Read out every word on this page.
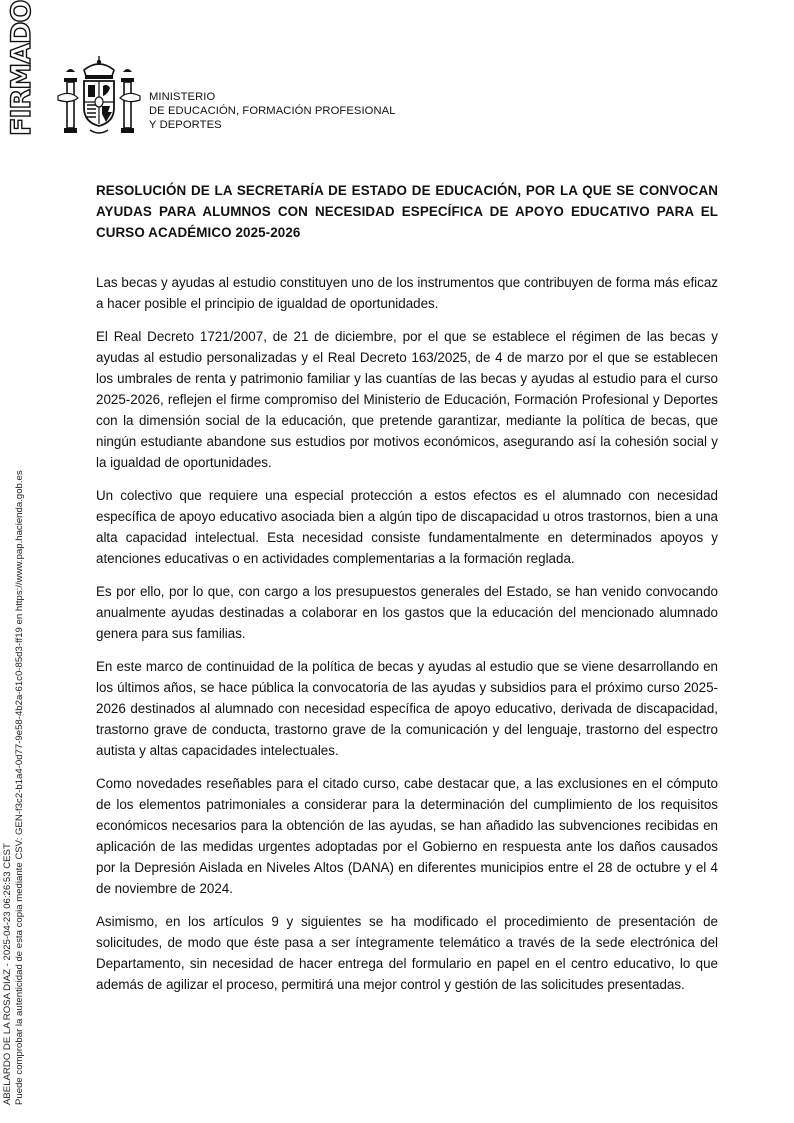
FIRMADO
ABELARDO DE LA ROSA DIAZ - 2025-04-23 06:26:53 CEST Puede comprobar la autenticidad de esta copia mediante CSV: GEN-f3c2-b1a4-0d77-9e58-4b2a-61c0-85d3-ff19 en https://www.pap.hacienda.gob.es
MINISTERIO
DE EDUCACIÓN, FORMACIÓN PROFESIONAL
Y DEPORTES
RESOLUCIÓN DE LA SECRETARÍA DE ESTADO DE EDUCACIÓN, POR LA QUE SE CONVOCAN AYUDAS PARA ALUMNOS CON NECESIDAD ESPECÍFICA DE APOYO EDUCATIVO PARA EL CURSO ACADÉMICO 2025-2026

Las becas y ayudas al estudio constituyen uno de los instrumentos que contribuyen de forma más eficaz a hacer posible el principio de igualdad de oportunidades.

El Real Decreto 1721/2007, de 21 de diciembre, por el que se establece el régimen de las becas y ayudas al estudio personalizadas y el Real Decreto 163/2025, de 4 de marzo por el que se establecen los umbrales de renta y patrimonio familiar y las cuantías de las becas y ayudas al estudio para el curso 2025-2026, reflejen el firme compromiso del Ministerio de Educación, Formación Profesional y Deportes con la dimensión social de la educación, que pretende garantizar, mediante la política de becas, que ningún estudiante abandone sus estudios por motivos económicos, asegurando así la cohesión social y la igualdad de oportunidades.

Un colectivo que requiere una especial protección a estos efectos es el alumnado con necesidad específica de apoyo educativo asociada bien a algún tipo de discapacidad u otros trastornos, bien a una alta capacidad intelectual. Esta necesidad consiste fundamentalmente en determinados apoyos y atenciones educativas o en actividades complementarias a la formación reglada.

Es por ello, por lo que, con cargo a los presupuestos generales del Estado, se han venido convocando anualmente ayudas destinadas a colaborar en los gastos que la educación del mencionado alumnado genera para sus familias.

En este marco de continuidad de la política de becas y ayudas al estudio que se viene desarrollando en los últimos años, se hace pública la convocatoria de las ayudas y subsidios para el próximo curso 2025-2026 destinados al alumnado con necesidad específica de apoyo educativo, derivada de discapacidad, trastorno grave de conducta, trastorno grave de la comunicación y del lenguaje, trastorno del espectro autista y altas capacidades intelectuales.

Como novedades reseñables para el citado curso, cabe destacar que, a las exclusiones en el cómputo de los elementos patrimoniales a considerar para la determinación del cumplimiento de los requisitos económicos necesarios para la obtención de las ayudas, se han añadido las subvenciones recibidas en aplicación de las medidas urgentes adoptadas por el Gobierno en respuesta ante los daños causados por la Depresión Aislada en Niveles Altos (DANA) en diferentes municipios entre el 28 de octubre y el 4 de noviembre de 2024.

Asimismo, en los artículos 9 y siguientes se ha modificado el procedimiento de presentación de solicitudes, de modo que éste pasa a ser íntegramente telemático a través de la sede electrónica del Departamento, sin necesidad de hacer entrega del formulario en papel en el centro educativo, lo que además de agilizar el proceso, permitirá una mejor control y gestión de las solicitudes presentadas.
